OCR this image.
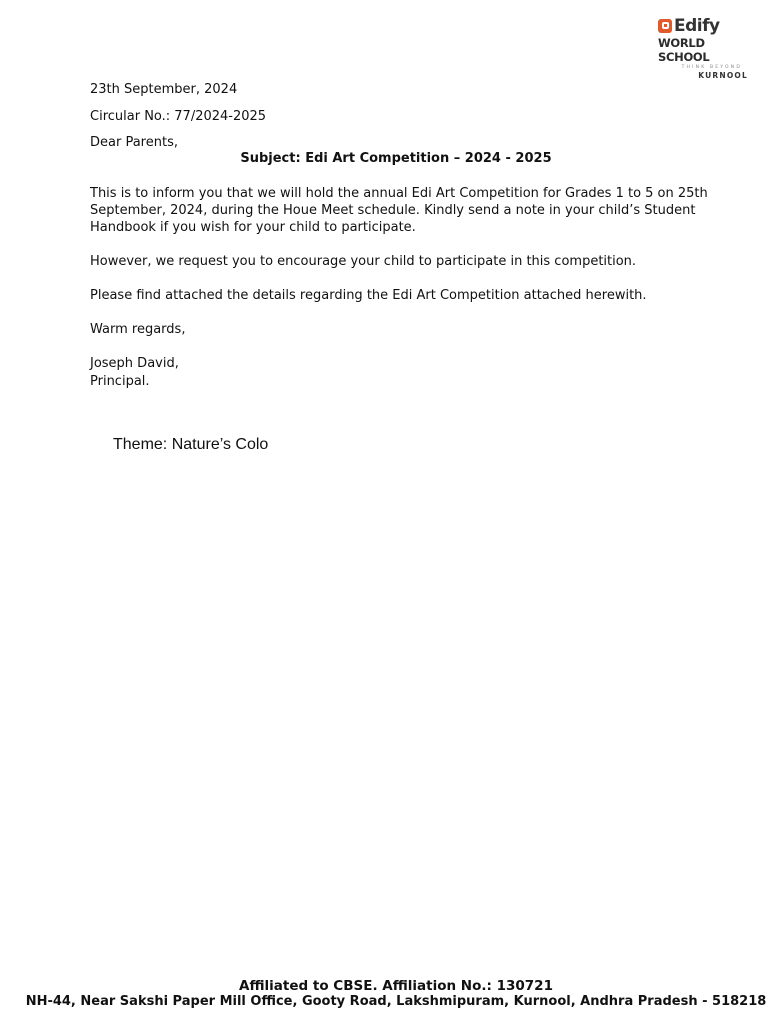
Edify
WORLD SCHOOL
THINK BEYOND
KURNOOL
23th September, 2024
Circular No.: 77/2024-2025
Dear Parents,
Subject: Edi Art Competition – 2024 - 2025
This is to inform you that we will hold the annual Edi Art Competition for Grades 1 to 5 on 25th September, 2024, during the Houe Meet schedule. Kindly send a note in your child’s Student Handbook if you wish for your child to participate.
However, we request you to encourage your child to participate in this competition.
Please find attached the details regarding the Edi Art Competition attached herewith.
Warm regards,
Joseph David,
Principal.
Theme: Nature’s Colo
Affiliated to CBSE. Affiliation No.: 130721
NH-44, Near Sakshi Paper Mill Office, Gooty Road, Lakshmipuram, Kurnool, Andhra Pradesh - 518218
